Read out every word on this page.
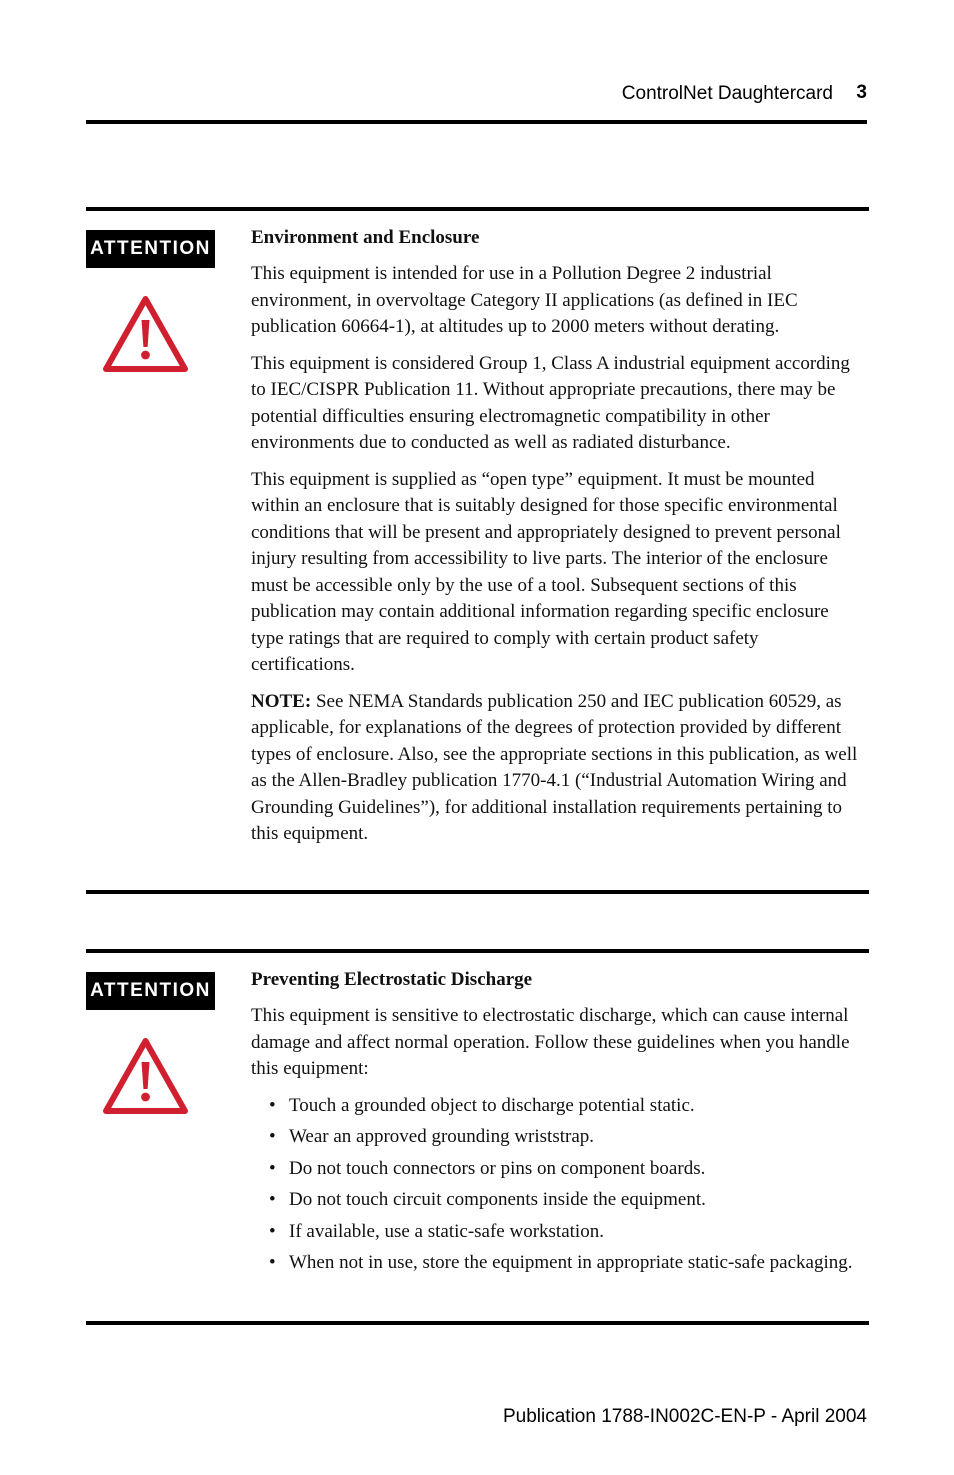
ControlNet Daughtercard 3
ATTENTION
Environment and Enclosure

This equipment is intended for use in a Pollution Degree 2 industrial environment, in overvoltage Category II applications (as defined in IEC publication 60664-1), at altitudes up to 2000 meters without derating.

This equipment is considered Group 1, Class A industrial equipment according to IEC/CISPR Publication 11. Without appropriate precautions, there may be potential difficulties ensuring electromagnetic compatibility in other environments due to conducted as well as radiated disturbance.

This equipment is supplied as “open type” equipment. It must be mounted within an enclosure that is suitably designed for those specific environmental conditions that will be present and appropriately designed to prevent personal injury resulting from accessibility to live parts. The interior of the enclosure must be accessible only by the use of a tool. Subsequent sections of this publication may contain additional information regarding specific enclosure type ratings that are required to comply with certain product safety certifications.

NOTE: See NEMA Standards publication 250 and IEC publication 60529, as applicable, for explanations of the degrees of protection provided by different types of enclosure. Also, see the appropriate sections in this publication, as well as the Allen-Bradley publication 1770-4.1 (“Industrial Automation Wiring and Grounding Guidelines”), for additional installation requirements pertaining to this equipment.

ATTENTION
Preventing Electrostatic Discharge

This equipment is sensitive to electrostatic discharge, which can cause internal damage and affect normal operation. Follow these guidelines when you handle this equipment:

• Touch a grounded object to discharge potential static.
• Wear an approved grounding wriststrap.
• Do not touch connectors or pins on component boards.
• Do not touch circuit components inside the equipment.
• If available, use a static-safe workstation.
• When not in use, store the equipment in appropriate static-safe packaging.
Publication 1788-IN002C-EN-P - April 2004
